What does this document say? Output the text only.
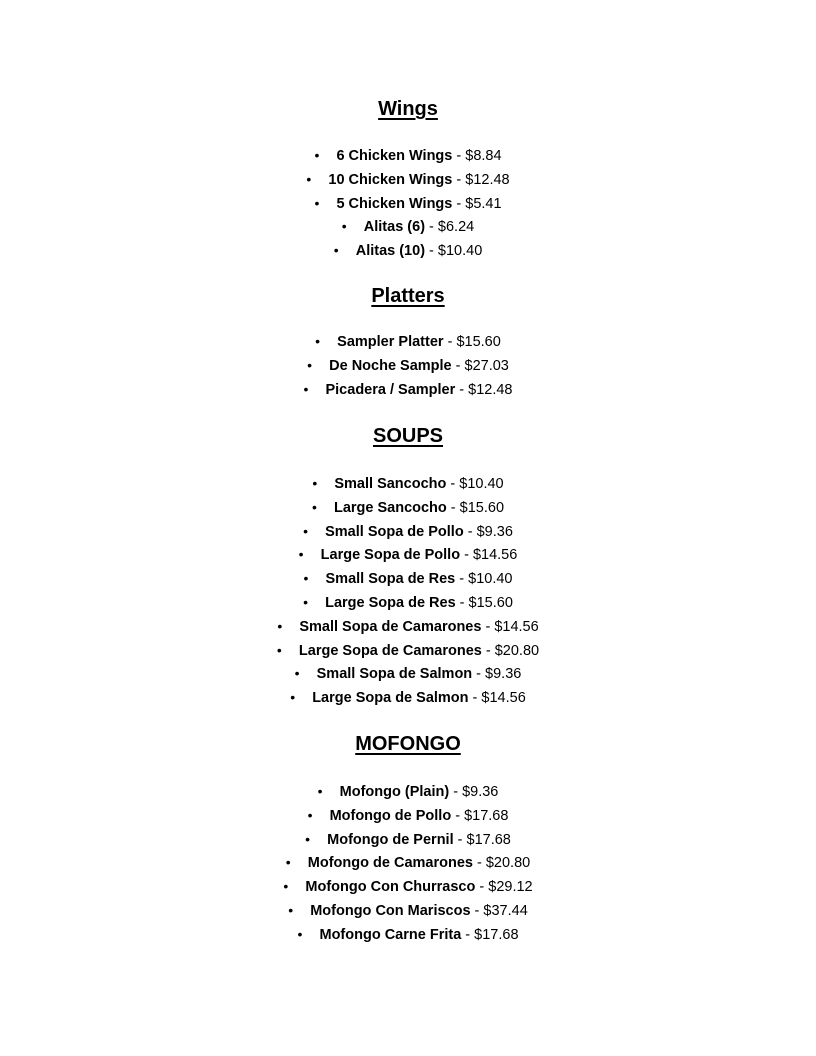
Wings
• 6 Chicken Wings - $8.84
• 10 Chicken Wings - $12.48
• 5 Chicken Wings - $5.41
• Alitas (6) - $6.24
• Alitas (10) - $10.40
Platters
• Sampler Platter - $15.60
• De Noche Sample - $27.03
• Picadera / Sampler - $12.48
SOUPS
• Small Sancocho - $10.40
• Large Sancocho - $15.60
• Small Sopa de Pollo - $9.36
• Large Sopa de Pollo - $14.56
• Small Sopa de Res - $10.40
• Large Sopa de Res - $15.60
• Small Sopa de Camarones - $14.56
• Large Sopa de Camarones - $20.80
• Small Sopa de Salmon - $9.36
• Large Sopa de Salmon - $14.56
MOFONGO
• Mofongo (Plain) - $9.36
• Mofongo de Pollo - $17.68
• Mofongo de Pernil - $17.68
• Mofongo de Camarones - $20.80
• Mofongo Con Churrasco - $29.12
• Mofongo Con Mariscos - $37.44
• Mofongo Carne Frita - $17.68
